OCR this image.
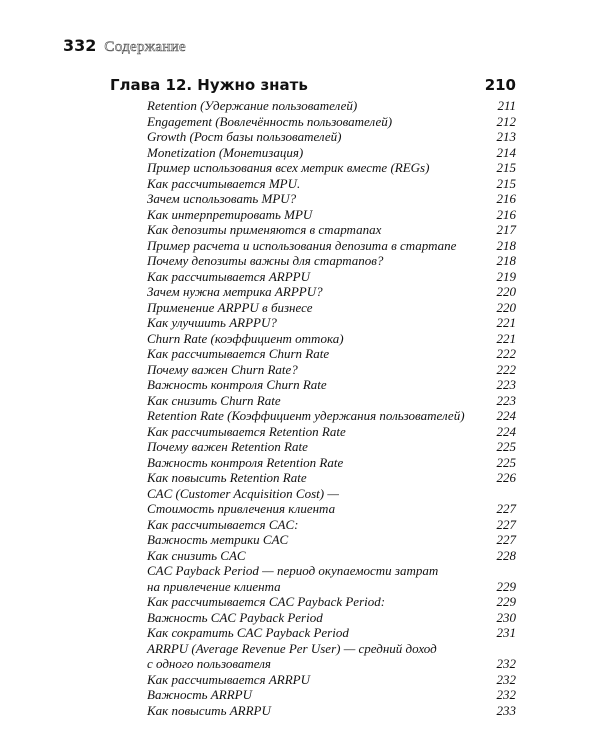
332 Содержание
Глава 12. Нужно знать	210
Retention (Удержание пользователей)	211
Engagement (Вовлечённость пользователей)	212
Growth (Рост базы пользователей)	213
Monetization (Монетизация)	214
Пример использования всех метрик вместе (REGs)	215
Как рассчитывается MPU.	215
Зачем использовать MPU?	216
Как интерпретировать MPU	216
Как депозиты применяются в стартапах	217
Пример расчета и использования депозита в стартапе	218
Почему депозиты важны для стартапов?	218
Как рассчитывается ARPPU	219
Зачем нужна метрика ARPPU?	220
Применение ARPPU в бизнесе	220
Как улучшить ARPPU?	221
Churn Rate (коэффициент оттока)	221
Как рассчитывается Churn Rate	222
Почему важен Churn Rate?	222
Важность контроля Churn Rate	223
Как снизить Churn Rate	223
Retention Rate (Коэффициент удержания пользователей)	224
Как рассчитывается Retention Rate	224
Почему важен Retention Rate	225
Важность контроля Retention Rate	225
Как повысить Retention Rate	226
CAC (Customer Acquisition Cost) —
Стоимость привлечения клиента	227
Как рассчитывается CAC:	227
Важность метрики CAC	227
Как снизить CAC	228
CAC Payback Period — период окупаемости затрат
на привлечение клиента	229
Как рассчитывается CAC Payback Period:	229
Важность CAC Payback Period	230
Как сократить CAC Payback Period	231
ARRPU (Average Revenue Per User) — средний доход
с одного пользователя	232
Как рассчитывается ARRPU	232
Важность ARRPU	232
Как повысить ARRPU	233
